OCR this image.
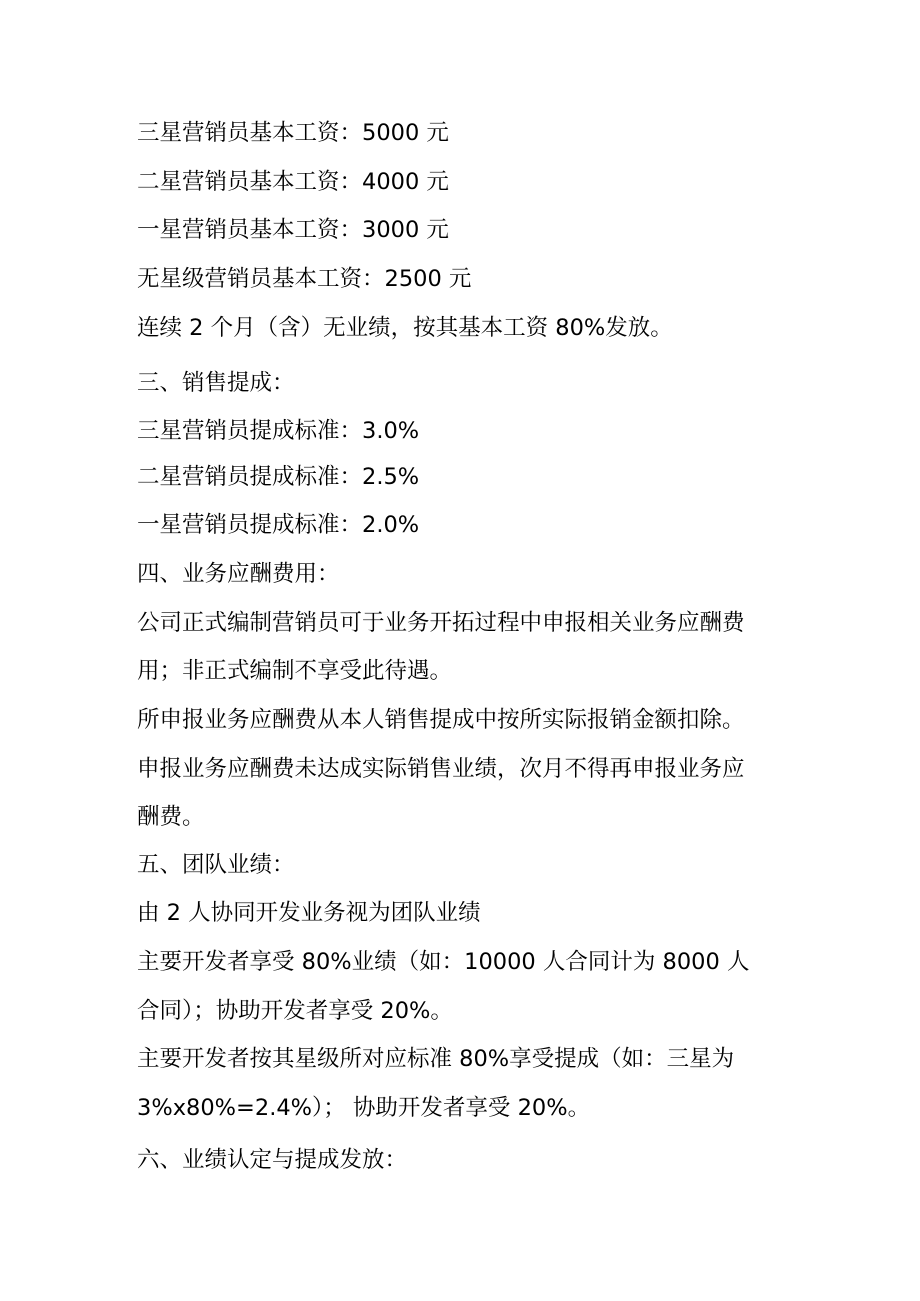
三星营销员基本工资：5000 元
二星营销员基本工资：4000 元
一星营销员基本工资：3000 元
无星级营销员基本工资：2500 元
连续 2 个月（含）无业绩，按其基本工资 80%发放。
三、销售提成：
三星营销员提成标准：3.0%
二星营销员提成标准：2.5%
一星营销员提成标准：2.0%
四、业务应酬费用：
公司正式编制营销员可于业务开拓过程中申报相关业务应酬费
用；非正式编制不享受此待遇。
所申报业务应酬费从本人销售提成中按所实际报销金额扣除。
申报业务应酬费未达成实际销售业绩，次月不得再申报业务应
酬费。
五、团队业绩：
由 2 人协同开发业务视为团队业绩
主要开发者享受 80%业绩（如：10000 人合同计为 8000 人
合同）；协助开发者享受 20%。
主要开发者按其星级所对应标准 80%享受提成（如：三星为
3%x80%=2.4%）； 协助开发者享受 20%。
六、业绩认定与提成发放：
